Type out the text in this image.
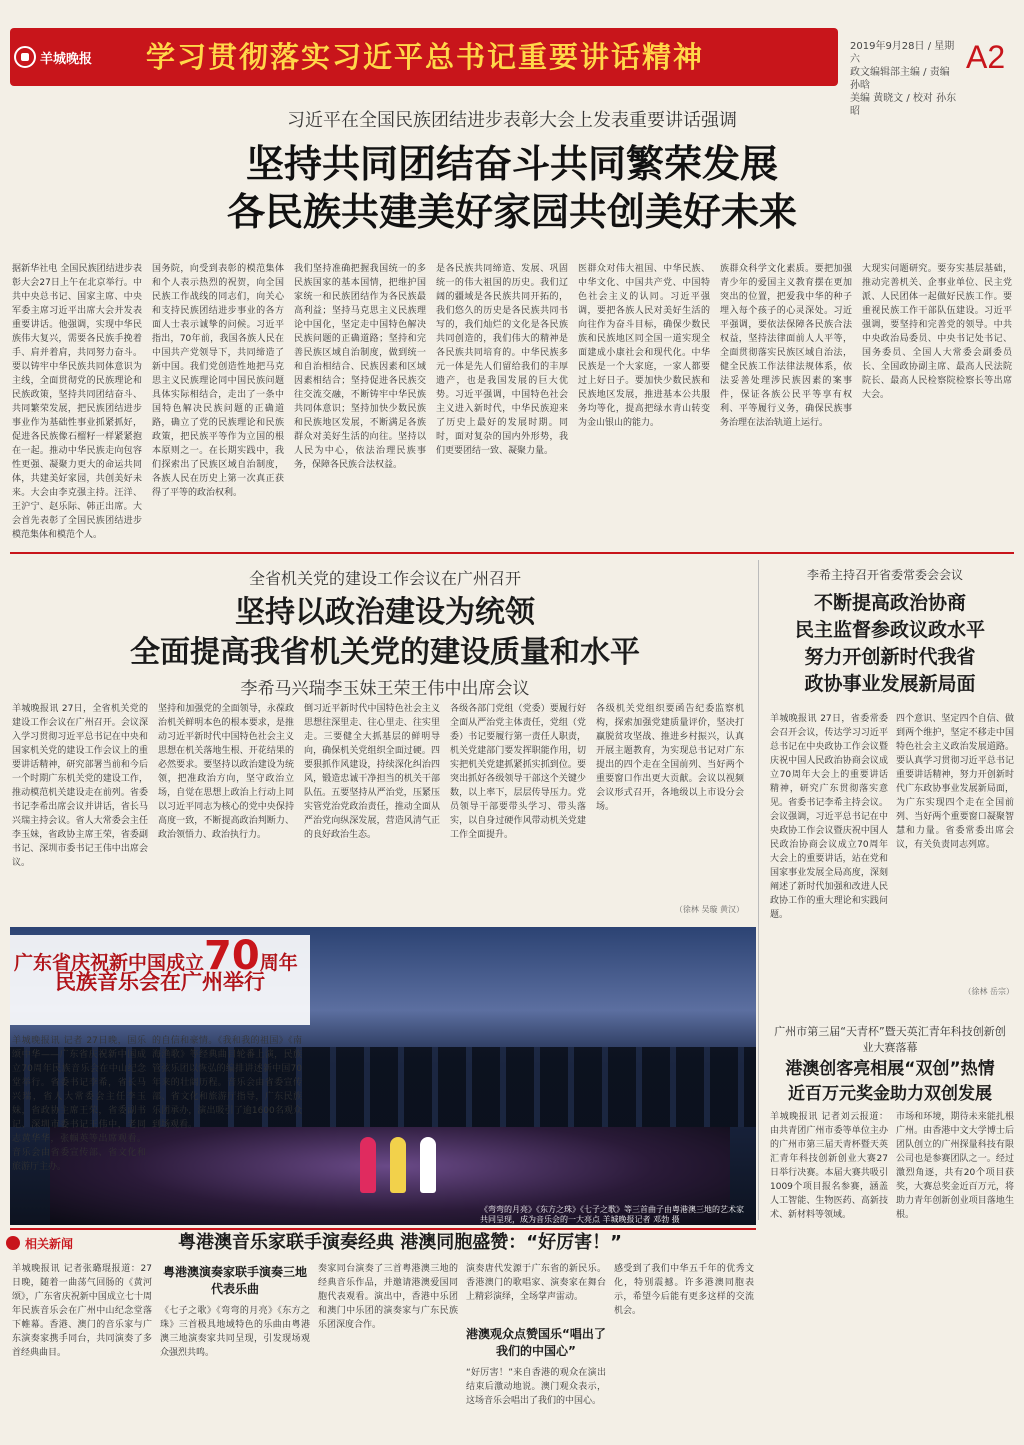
羊城晚报 学习贯彻落实习近平总书记重要讲话精神	2019年9月28日 / 星期六
政文编辑部主编 / 责编 孙晗
美编 黄晓文 / 校对 孙东昭
A2
习近平在全国民族团结进步表彰大会上发表重要讲话强调
坚持共同团结奋斗共同繁荣发展
各民族共建美好家园共创美好未来
据新华社电 全国民族团结进步表彰大会27日上午在北京举行。中共中央总书记、国家主席、中央军委主席习近平出席大会并发表重要讲话。他强调，实现中华民族伟大复兴，需要各民族手挽着手、肩并着肩，共同努力奋斗。要以铸牢中华民族共同体意识为主线，全面贯彻党的民族理论和民族政策，坚持共同团结奋斗、共同繁荣发展，把民族团结进步事业作为基础性事业抓紧抓好，促进各民族像石榴籽一样紧紧抱在一起。推动中华民族走向包容性更强、凝聚力更大的命运共同体，共建美好家园，共创美好未来。大会由李克强主持。汪洋、王沪宁、赵乐际、韩正出席。大会首先表彰了全国民族团结进步模范集体和模范个人。
国务院，向受到表彰的模范集体和个人表示热烈的祝贺，向全国民族工作战线的同志们，向关心和支持民族团结进步事业的各方面人士表示诚挚的问候。习近平指出，70年前，我国各族人民在中国共产党领导下，共同缔造了新中国。我们党创造性地把马克思主义民族理论同中国民族问题具体实际相结合，走出了一条中国特色解决民族问题的正确道路，确立了党的民族理论和民族政策，把民族平等作为立国的根本原则之一。在长期实践中，我们探索出了民族区域自治制度，各族人民在历史上第一次真正获得了平等的政治权利。
我们坚持准确把握我国统一的多民族国家的基本国情，把维护国家统一和民族团结作为各民族最高利益；坚持马克思主义民族理论中国化，坚定走中国特色解决民族问题的正确道路；坚持和完善民族区域自治制度，做到统一和自治相结合、民族因素和区域因素相结合；坚持促进各民族交往交流交融，不断铸牢中华民族共同体意识；坚持加快少数民族和民族地区发展，不断满足各族群众对美好生活的向往。坚持以人民为中心，依法治理民族事务，保障各民族合法权益。
是各民族共同缔造、发展、巩固统一的伟大祖国的历史。我们辽阔的疆域是各民族共同开拓的，我们悠久的历史是各民族共同书写的，我们灿烂的文化是各民族共同创造的，我们伟大的精神是各民族共同培育的。中华民族多元一体是先人们留给我们的丰厚遗产，也是我国发展的巨大优势。习近平强调，中国特色社会主义进入新时代，中华民族迎来了历史上最好的发展时期。同时，面对复杂的国内外形势，我们更要团结一致、凝聚力量。
医群众对伟大祖国、中华民族、中华文化、中国共产党、中国特色社会主义的认同。习近平强调，要把各族人民对美好生活的向往作为奋斗目标，确保少数民族和民族地区同全国一道实现全面建成小康社会和现代化。中华民族是一个大家庭，一家人都要过上好日子。要加快少数民族和民族地区发展，推进基本公共服务均等化，提高把绿水青山转变为金山银山的能力。
族群众科学文化素质。要把加强青少年的爱国主义教育摆在更加突出的位置，把爱我中华的种子埋入每个孩子的心灵深处。习近平强调，要依法保障各民族合法权益，坚持法律面前人人平等，全面贯彻落实民族区域自治法，健全民族工作法律法规体系，依法妥善处理涉民族因素的案事件，保证各族公民平等享有权利、平等履行义务，确保民族事务治理在法治轨道上运行。
大现实问题研究。要夯实基层基础，推动完善机关、企事业单位、民主党派、人民团体一起做好民族工作。要重视民族工作干部队伍建设。习近平强调，要坚持和完善党的领导。中共中央政治局委员、中央书记处书记、国务委员、全国人大常委会副委员长、全国政协副主席、最高人民法院院长、最高人民检察院检察长等出席大会。
全省机关党的建设工作会议在广州召开
坚持以政治建设为统领
全面提高我省机关党的建设质量和水平
李希马兴瑞李玉妹王荣王伟中出席会议
羊城晚报讯 27日，全省机关党的建设工作会议在广州召开。会议深入学习贯彻习近平总书记在中央和国家机关党的建设工作会议上的重要讲话精神，研究部署当前和今后一个时期广东机关党的建设工作，推动模范机关建设走在前列。省委书记李希出席会议并讲话，省长马兴瑞主持会议。省人大常委会主任李玉妹，省政协主席王荣，省委副书记、深圳市委书记王伟中出席会议。
坚持和加强党的全面领导，永葆政治机关鲜明本色的根本要求，是推动习近平新时代中国特色社会主义思想在机关落地生根、开花结果的必然要求。要坚持以政治建设为统领，把准政治方向，坚守政治立场，自觉在思想上政治上行动上同以习近平同志为核心的党中央保持高度一致，不断提高政治判断力、政治领悟力、政治执行力。
倒习近平新时代中国特色社会主义思想往深里走、往心里走、往实里走。三要健全大抓基层的鲜明导向，确保机关党组织全面过硬。四要狠抓作风建设，持续深化纠治四风，锻造忠诚干净担当的机关干部队伍。五要坚持从严治党，压紧压实管党治党政治责任，推动全面从严治党向纵深发展，营造风清气正的良好政治生态。
各级各部门党组（党委）要履行好全面从严治党主体责任，党组（党委）书记要履行第一责任人职责，机关党建部门要发挥职能作用，切实把机关党建抓紧抓实抓到位。要突出抓好各级领导干部这个关键少数，以上率下，层层传导压力。党员领导干部要带头学习、带头落实，以自身过硬作风带动机关党建工作全面提升。
各级机关党组织要函告纪委监察机构，探索加强党建质量评价，坚决打赢脱贫攻坚战、推进乡村振兴，认真开展主题教育，为实现总书记对广东提出的四个走在全国前列、当好两个重要窗口作出更大贡献。会议以视频会议形式召开，各地级以上市设分会场。
（徐林 吴璇 黄汉）
李希主持召开省委常委会会议
不断提高政治协商
民主监督参政议政水平
努力开创新时代我省
政协事业发展新局面
羊城晚报讯 27日，省委常委会召开会议，传达学习习近平总书记在中央政协工作会议暨庆祝中国人民政治协商会议成立70周年大会上的重要讲话精神，研究广东贯彻落实意见。省委书记李希主持会议。会议强调，习近平总书记在中央政协工作会议暨庆祝中国人民政治协商会议成立70周年大会上的重要讲话，站在党和国家事业发展全局高度，深刻阐述了新时代加强和改进人民政协工作的重大理论和实践问题。
四个意识、坚定四个自信、做到两个维护，坚定不移走中国特色社会主义政治发展道路。要认真学习贯彻习近平总书记重要讲话精神，努力开创新时代广东政协事业发展新局面，为广东实现四个走在全国前列、当好两个重要窗口凝聚智慧和力量。省委常委出席会议，有关负责同志列席。
（徐林 岳宗）
《弯弯的月亮》《东方之珠》《七子之歌》等三首曲子由粤港澳三地的艺术家共同呈现，成为音乐会的一大亮点 羊城晚报记者 邓勃 摄
广东省庆祝新中国成立70周年
民族音乐会在广州举行
羊城晚报讯 记者 27日晚，国乐颂中华——广东省庆祝新中国成立70周年民族音乐会在中山纪念堂举行。省委书记李希，省长马兴瑞，省人大常委会主任李玉妹，省政协主席王荣，省委副书记、深圳市委书记王伟中，老同志黄华华，张帼英等出席观看。音乐会由省委宣传部、省文化和旅游厅主办。
的自信和豪情。《我和我的祖国》《南海渔歌》等经典曲目轮番上演，民族管弦乐团以恢弘的编排讲述新中国70年来的壮阔历程。音乐会由省委宣传部、省文化和旅游厅指导，广东民族乐团承办，演出吸引了逾1600名观众到场观看。
广州市第三届“天青杯”暨天英汇青年科技创新创业大赛落幕
港澳创客亮相展“双创”热情
近百万元奖金助力双创发展
羊城晚报讯 记者刘云报道：由共青团广州市委等单位主办的广州市第三届天青杯暨天英汇青年科技创新创业大赛27日举行决赛。本届大赛共吸引1009个项目报名参赛，涵盖人工智能、生物医药、高新技术、新材料等领域。
市场和环境，期待未来能扎根广州。由香港中文大学博士后团队创立的广州探量科技有限公司也是参赛团队之一。经过激烈角逐，共有20个项目获奖，大赛总奖金近百万元，将助力青年创新创业项目落地生根。
相关新闻	粤港澳音乐家联手演奏经典 港澳同胞盛赞：“好厉害！”
羊城晚报讯 记者张璐琨报道：27日晚，随着一曲荡气回肠的《黄河颂》，广东省庆祝新中国成立七十周年民族音乐会在广州中山纪念堂落下帷幕。香港、澳门的音乐家与广东演奏家携手同台，共同演奏了多首经典曲目。
粤港澳演奏家联手演奏三地代表乐曲
《七子之歌》《弯弯的月亮》《东方之珠》三首极具地域特色的乐曲由粤港澳三地演奏家共同呈现，引发现场观众强烈共鸣。
奏家同台演奏了三首粤港澳三地的经典音乐作品，并邀请港澳爱国同胞代表观看。演出中，香港中乐团和澳门中乐团的演奏家与广东民族乐团深度合作。
演奏唐代发源于广东省的新民乐。香港澳门的歌唱家、演奏家在舞台上精彩演绎，全场掌声雷动。
港澳观众点赞国乐“唱出了我们的中国心”
“好厉害！”来自香港的观众在演出结束后激动地说。澳门观众表示，这场音乐会唱出了我们的中国心。
感受到了我们中华五千年的优秀文化，特别震撼。许多港澳同胞表示，希望今后能有更多这样的交流机会。
